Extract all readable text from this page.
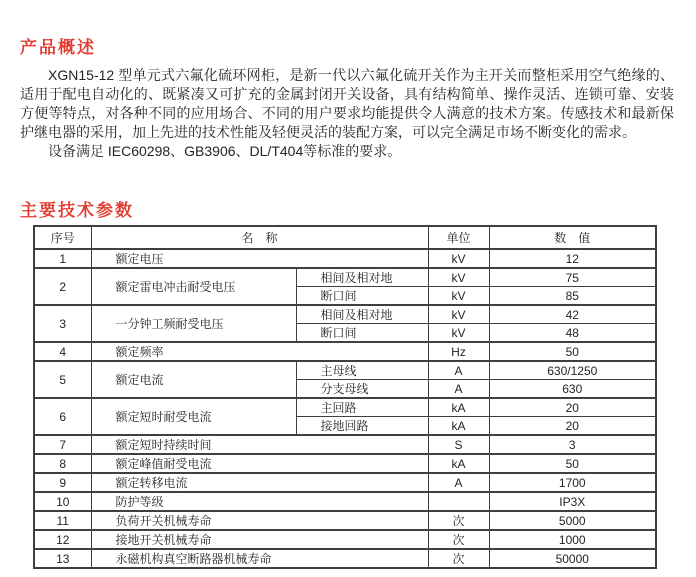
产品概述

XGN15-12 型单元式六氟化硫环网柜，是新一代以六氟化硫开关作为主开关而整柜采用空气绝缘的、适用于配电自动化的、既紧凑又可扩充的金属封闭开关设备，具有结构简单、操作灵活、连锁可靠、安装方便等特点，对各种不同的应用场合、不同的用户要求均能提供令人满意的技术方案。传感技术和最新保护继电器的采用，加上先进的技术性能及轻便灵活的装配方案，可以完全满足市场不断变化的需求。

设备满足 IEC60298、GB3906、DL/T404等标准的要求。

主要技术参数
序号	名　称		单位	数　值
1	额定电压		kV	12
2	额定雷电冲击耐受电压	相间及相对地	kV	75
		断口间	kV	85
3	一分钟工频耐受电压	相间及相对地	kV	42
		断口间	kV	48
4	额定频率		Hz	50
5	额定电流	主母线	A	630/1250
		分支母线	A	630
6	额定短时耐受电流	主回路	kA	20
		接地回路	kA	20
7	额定短时持续时间		S	3
8	额定峰值耐受电流		kA	50
9	额定转移电流		A	1700
10	防护等级			IP3X
11	负荷开关机械寿命		次	5000
12	接地开关机械寿命		次	1000
13	永磁机构真空断路器机械寿命		次	50000
